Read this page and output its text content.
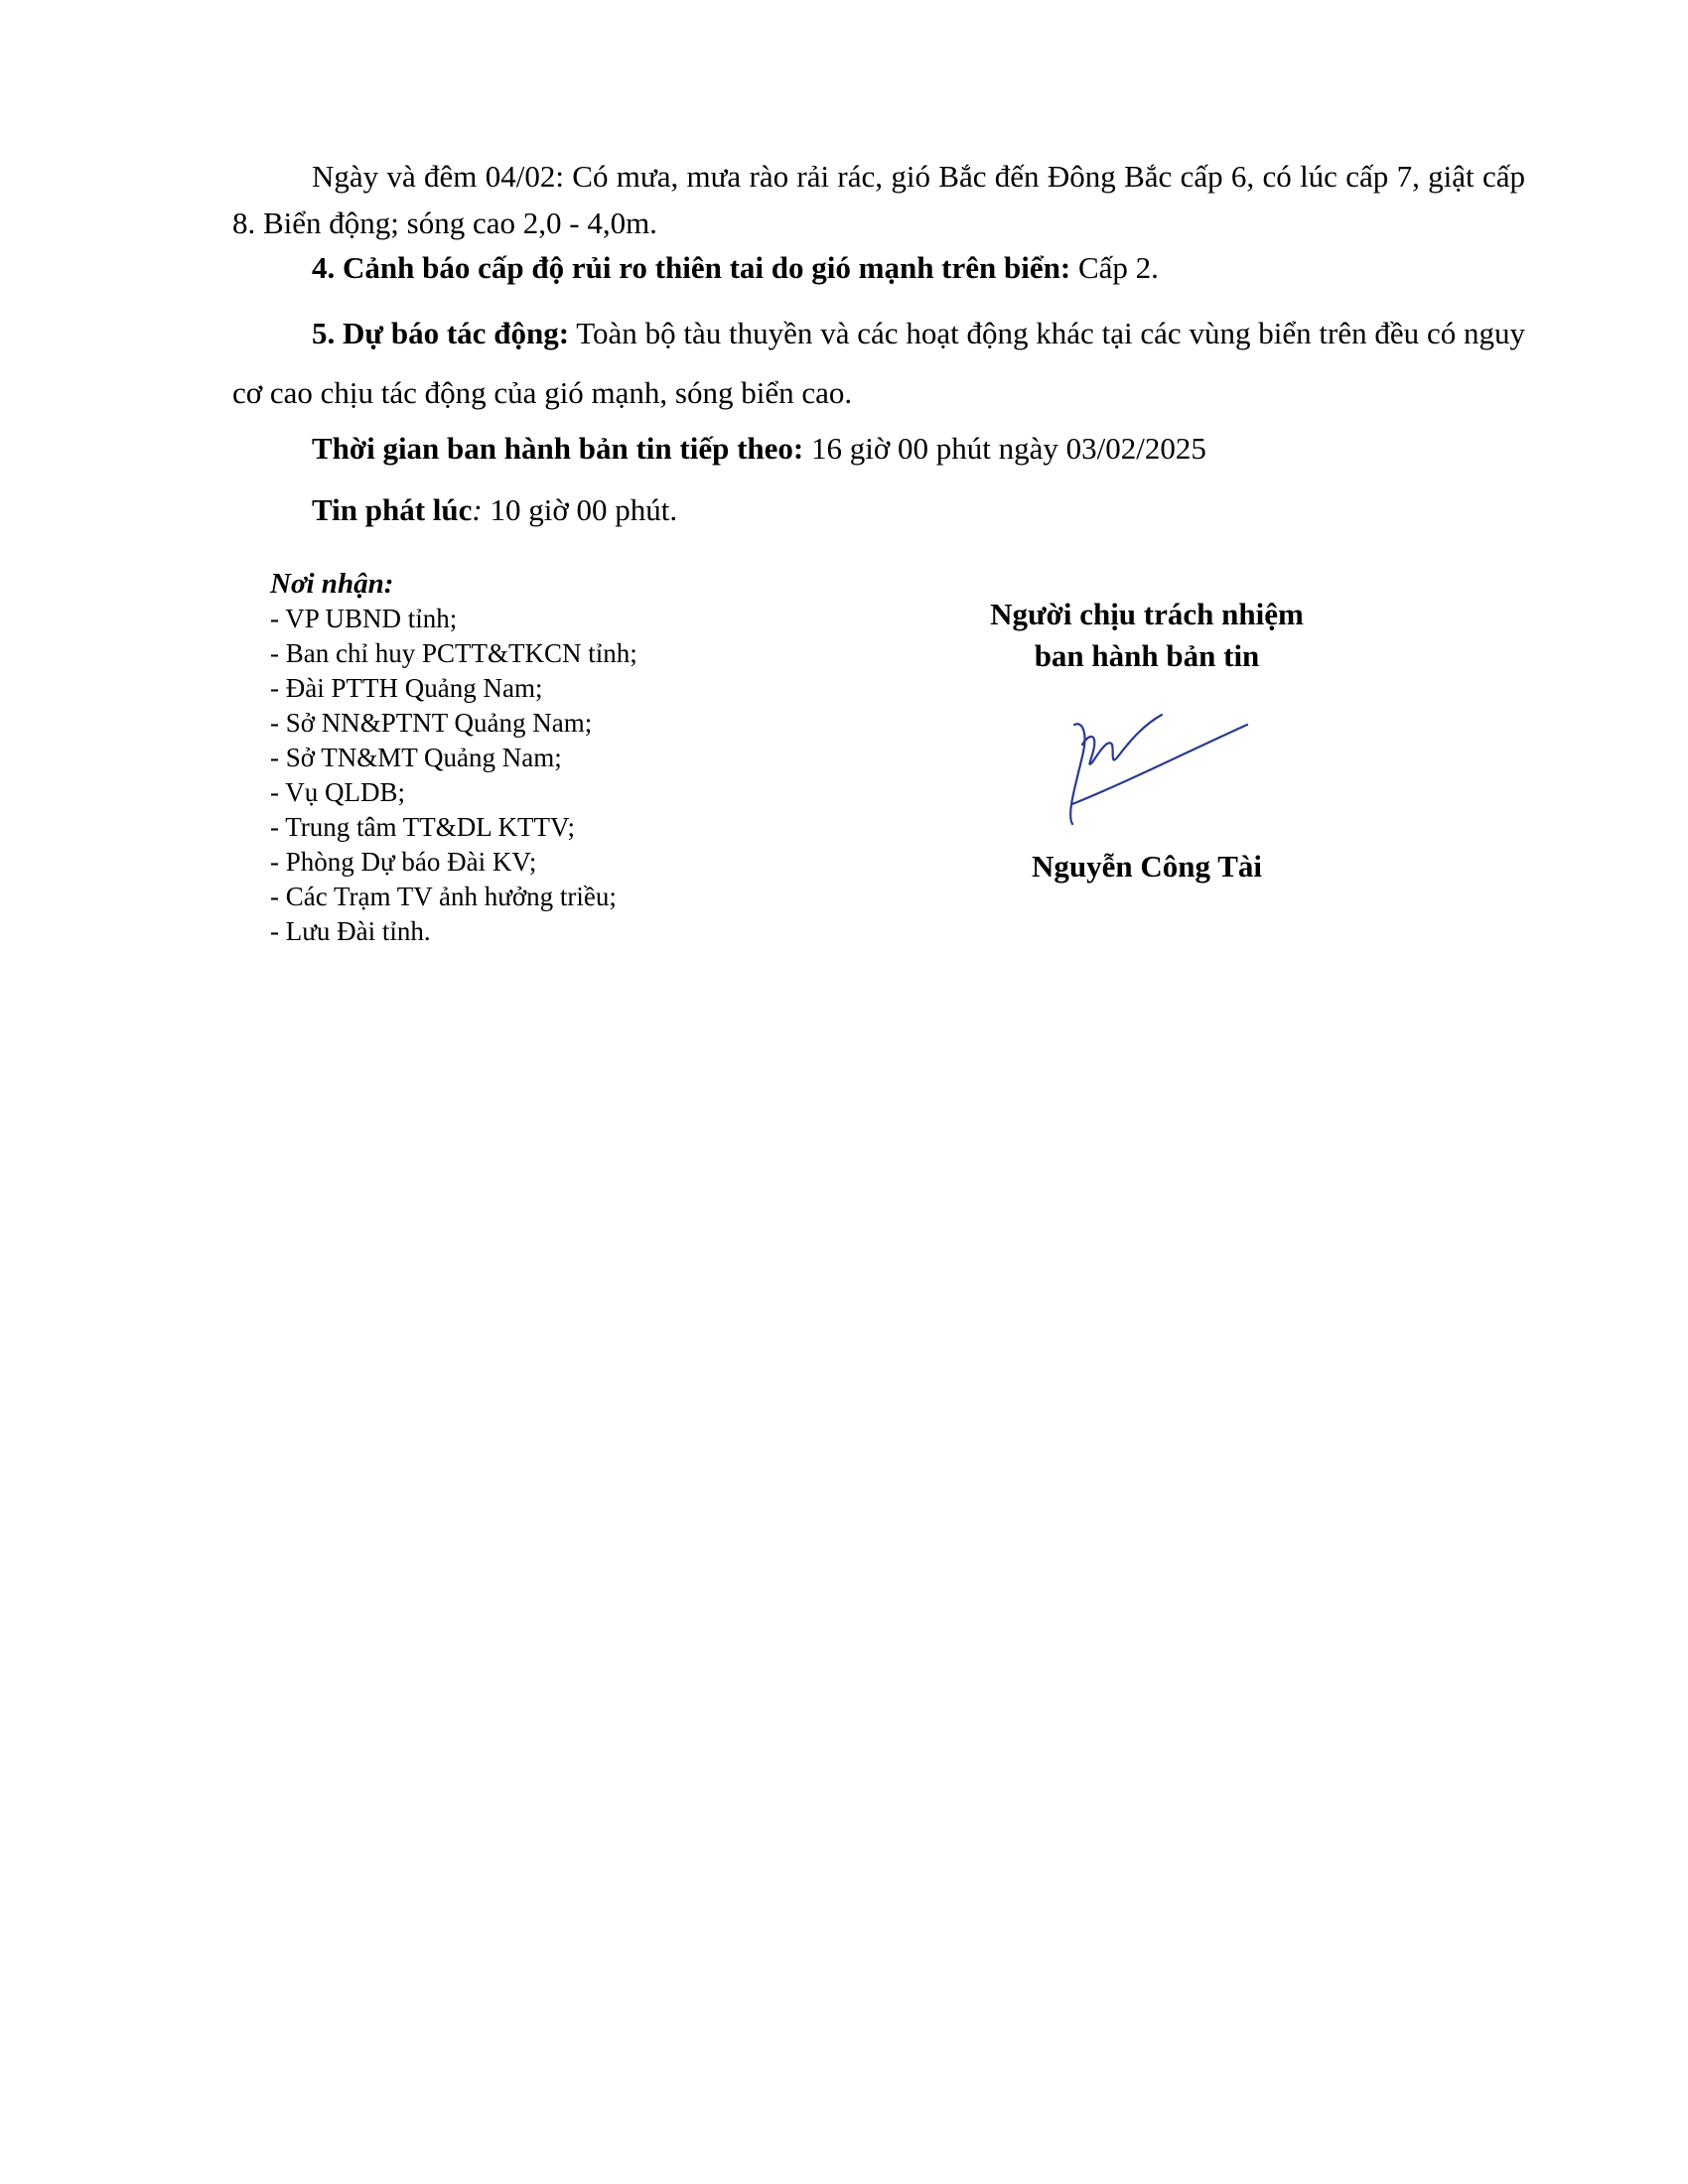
Ngày và đêm 04/02: Có mưa, mưa rào rải rác, gió Bắc đến Đông Bắc cấp 6, có lúc cấp 7, giật cấp 8. Biển động; sóng cao 2,0 - 4,0m.

4. Cảnh báo cấp độ rủi ro thiên tai do gió mạnh trên biển: Cấp 2.

5. Dự báo tác động: Toàn bộ tàu thuyền và các hoạt động khác tại các vùng biển trên đều có nguy cơ cao chịu tác động của gió mạnh, sóng biển cao.

Thời gian ban hành bản tin tiếp theo: 16 giờ 00 phút ngày 03/02/2025

Tin phát lúc: 10 giờ 00 phút.

Nơi nhận:
- VP UBND tỉnh;
- Ban chỉ huy PCTT&TKCN tỉnh;
- Đài PTTH Quảng Nam;
- Sở NN&PTNT Quảng Nam;
- Sở TN&MT Quảng Nam;
- Vụ QLDB;
- Trung tâm TT&DL KTTV;
- Phòng Dự báo Đài KV;
- Các Trạm TV ảnh hưởng triều;
- Lưu Đài tỉnh.
Người chịu trách nhiệm
ban hành bản tin
Nguyễn Công Tài
